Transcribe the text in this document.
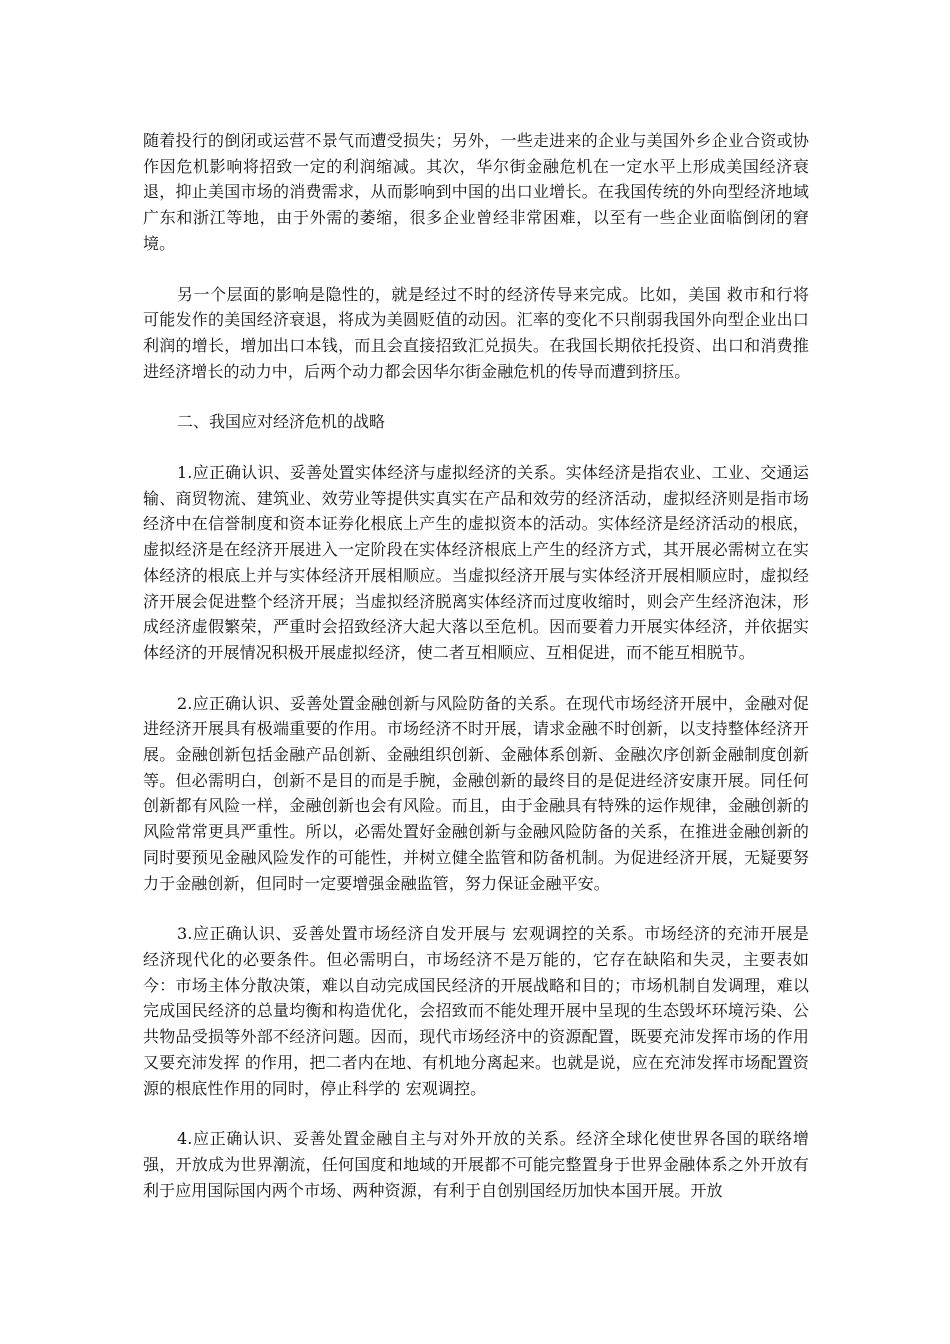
随着投行的倒闭或运营不景气而遭受损失；另外，一些走进来的企业与美国外乡企业合资或协作因危机影响将招致一定的利润缩减。其次，华尔街金融危机在一定水平上形成美国经济衰退，抑止美国市场的消费需求，从而影响到中国的出口业增长。在我国传统的外向型经济地域广东和浙江等地，由于外需的萎缩，很多企业曾经非常困难，以至有一些企业面临倒闭的窘境。

另一个层面的影响是隐性的，就是经过不时的经济传导来完成。比如，美国 救市和行将可能发作的美国经济衰退，将成为美圆贬值的动因。汇率的变化不只削弱我国外向型企业出口利润的增长，增加出口本钱，而且会直接招致汇兑损失。在我国长期依托投资、出口和消费推进经济增长的动力中，后两个动力都会因华尔街金融危机的传导而遭到挤压。

二、我国应对经济危机的战略

1.应正确认识、妥善处置实体经济与虚拟经济的关系。实体经济是指农业、工业、交通运输、商贸物流、建筑业、效劳业等提供实真实在产品和效劳的经济活动，虚拟经济则是指市场经济中在信誉制度和资本证券化根底上产生的虚拟资本的活动。实体经济是经济活动的根底，虚拟经济是在经济开展进入一定阶段在实体经济根底上产生的经济方式，其开展必需树立在实体经济的根底上并与实体经济开展相顺应。当虚拟经济开展与实体经济开展相顺应时，虚拟经济开展会促进整个经济开展；当虚拟经济脱离实体经济而过度收缩时，则会产生经济泡沫，形成经济虚假繁荣，严重时会招致经济大起大落以至危机。因而要着力开展实体经济，并依据实体经济的开展情况积极开展虚拟经济，使二者互相顺应、互相促进，而不能互相脱节。

2.应正确认识、妥善处置金融创新与风险防备的关系。在现代市场经济开展中，金融对促进经济开展具有极端重要的作用。市场经济不时开展，请求金融不时创新，以支持整体经济开展。金融创新包括金融产品创新、金融组织创新、金融体系创新、金融次序创新金融制度创新等。但必需明白，创新不是目的而是手腕，金融创新的最终目的是促进经济安康开展。同任何创新都有风险一样，金融创新也会有风险。而且，由于金融具有特殊的运作规律，金融创新的风险常常更具严重性。所以，必需处置好金融创新与金融风险防备的关系，在推进金融创新的同时要预见金融风险发作的可能性，并树立健全监管和防备机制。为促进经济开展，无疑要努力于金融创新，但同时一定要增强金融监管，努力保证金融平安。

3.应正确认识、妥善处置市场经济自发开展与 宏观调控的关系。市场经济的充沛开展是经济现代化的必要条件。但必需明白，市场经济不是万能的，它存在缺陷和失灵，主要表如今：市场主体分散决策，难以自动完成国民经济的开展战略和目的；市场机制自发调理，难以完成国民经济的总量均衡和构造优化，会招致而不能处理开展中呈现的生态毁坏环境污染、公共物品受损等外部不经济问题。因而，现代市场经济中的资源配置，既要充沛发挥市场的作用又要充沛发挥 的作用，把二者内在地、有机地分离起来。也就是说，应在充沛发挥市场配置资源的根底性作用的同时，停止科学的 宏观调控。

4.应正确认识、妥善处置金融自主与对外开放的关系。经济全球化使世界各国的联络增强，开放成为世界潮流，任何国度和地域的开展都不可能完整置身于世界金融体系之外开放有利于应用国际国内两个市场、两种资源，有利于自创别国经历加快本国开展。开放
